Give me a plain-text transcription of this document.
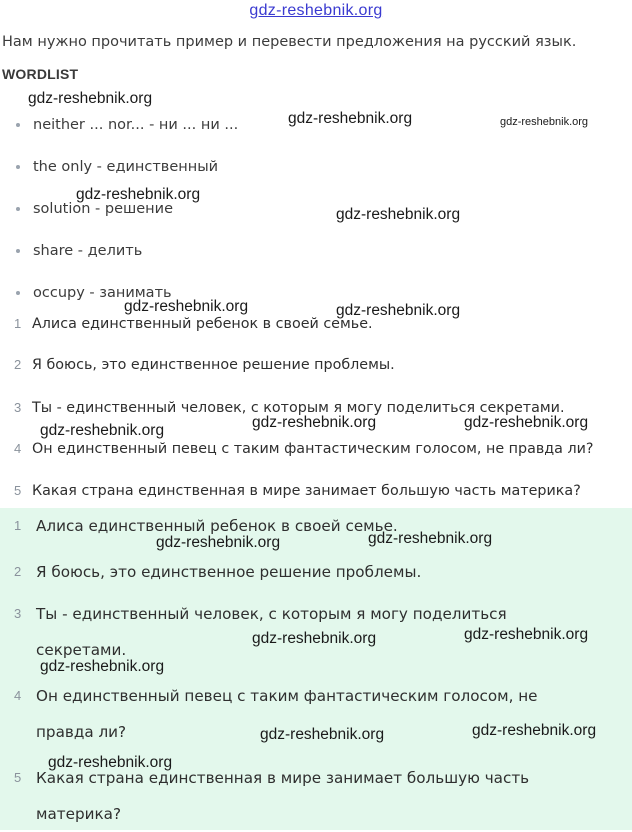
gdz-reshebnik.org
Нам нужно прочитать пример и перевести предложения на русский язык.
WORDLIST
neither ... nor... - ни ... ни ...
the only - единственный
solution - решение
share - делить
occupy - занимать
1 Алиса единственный ребенок в своей семье.
2 Я боюсь, это единственное решение проблемы.
3 Ты - единственный человек, с которым я могу поделиться секретами.
4 Он единственный певец с таким фантастическим голосом, не правда ли?
5 Какая страна единственная в мире занимает большую часть материка?
1 Алиса единственный ребенок в своей семье.
2 Я боюсь, это единственное решение проблемы.
3 Ты - единственный человек, с которым я могу поделиться секретами.
4 Он единственный певец с таким фантастическим голосом, не правда ли?
5 Какая страна единственная в мире занимает большую часть материка?
gdz-reshebnik.org
gdz-reshebnik.org	gdz-reshebnik.org
gdz-reshebnik.org
gdz-reshebnik.org
gdz-reshebnik.org	gdz-reshebnik.org
gdz-reshebnik.org	gdz-reshebnik.org	gdz-reshebnik.org
gdz-reshebnik.org	gdz-reshebnik.org
gdz-reshebnik.org	gdz-reshebnik.org
gdz-reshebnik.org
gdz-reshebnik.org	gdz-reshebnik.org
gdz-reshebnik.org
